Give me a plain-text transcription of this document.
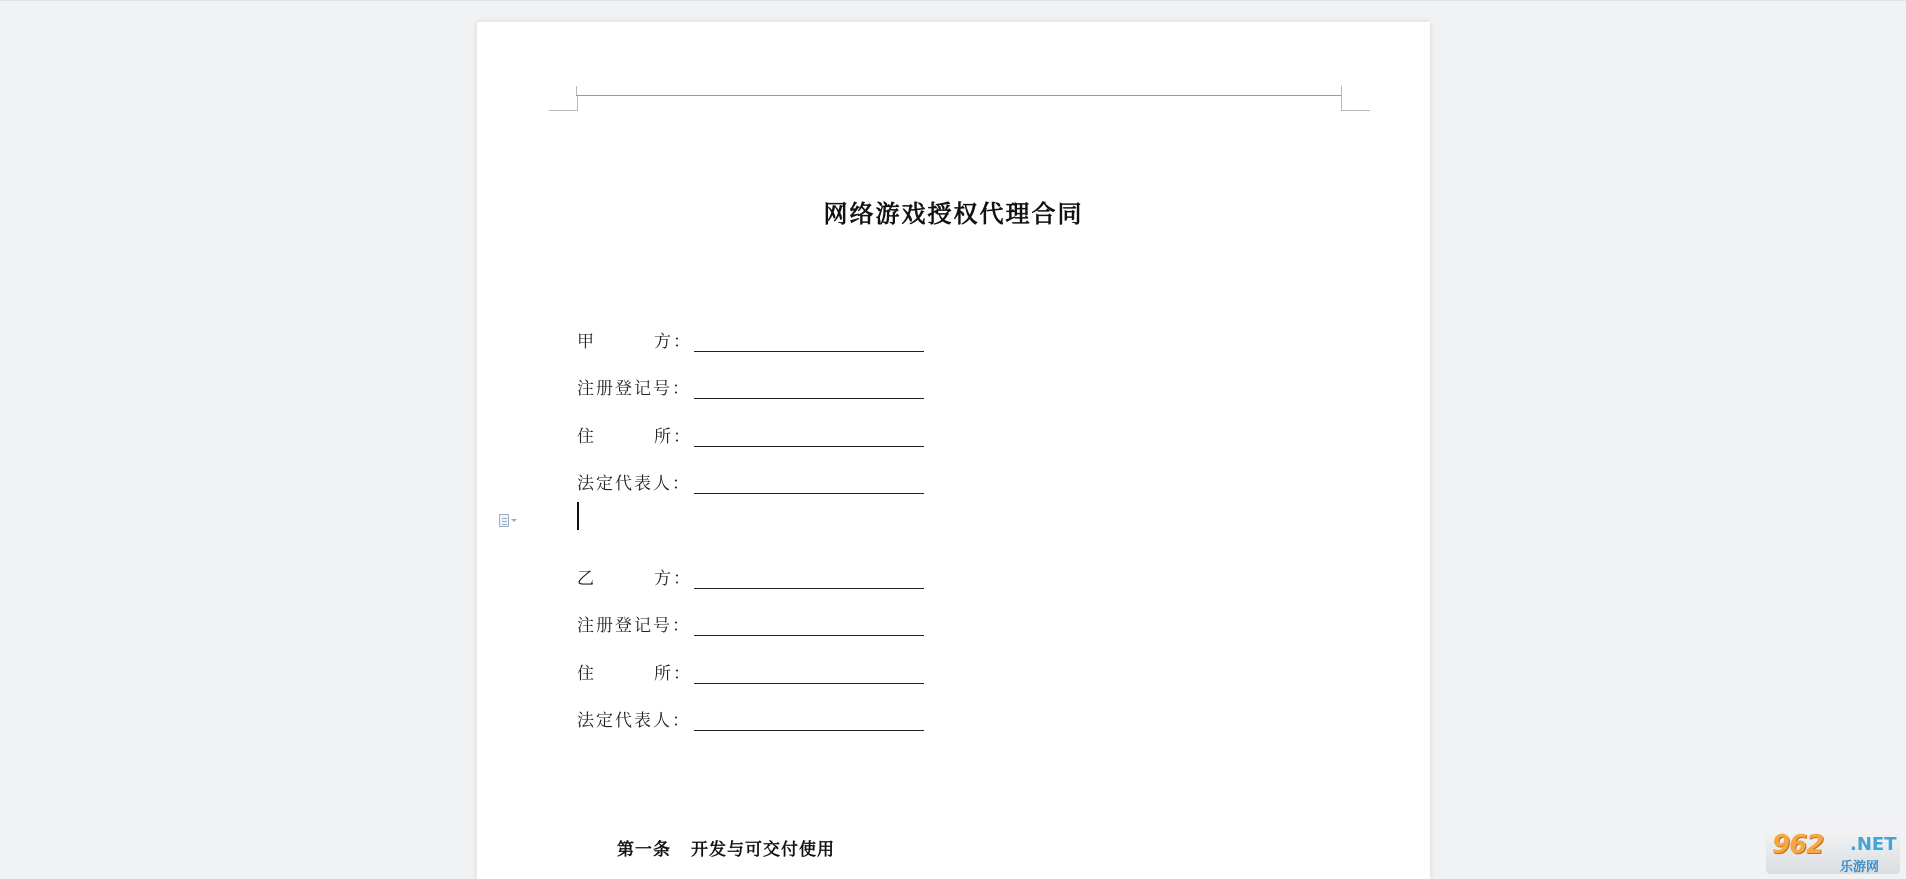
网络游戏授权代理合同
甲	方：
注册登记号：
住	所：
法定代表人：
乙	方：
注册登记号：
住	所：
法定代表人：
第一条 开发与可交付使用	962 .NET
乐游网
